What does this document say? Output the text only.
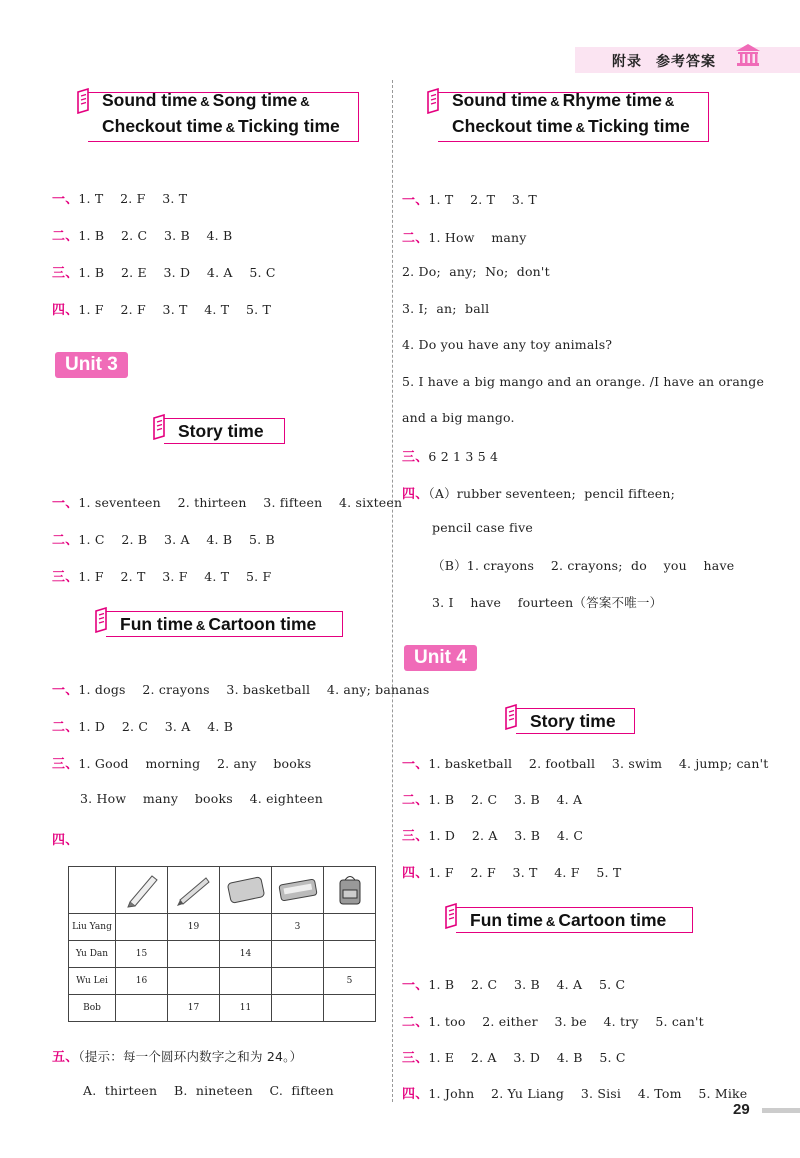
附录 参考答案
Sound time & Song time &
Checkout time & Ticking time
一、1. T    2. F    3. T
二、1. B    2. C    3. B    4. B
三、1. B    2. E    3. D    4. A    5. C
四、1. F    2. F    3. T    4. T    5. T
Unit 3
Story time
一、1. seventeen    2. thirteen    3. fifteen    4. sixteen
二、1. C    2. B    3. A    4. B    5. B
三、1. F    2. T    3. F    4. T    5. F
Fun time & Cartoon time
一、1. dogs    2. crayons    3. basketball    4. any; bananas
二、1. D    2. C    3. A    4. B
三、1. Good    morning    2. any    books
3. How    many    books    4. eighteen
四、

Liu Yang		19		3	
Yu Dan	15		14		
Wu Lei	16				5
Bob		17	11		
五、（提示：每一个圆环内数字之和为 24。）
A.  thirteen    B.  nineteen    C.  fifteen
Sound time & Rhyme time &
Checkout time & Ticking time
一、1. T    2. T    3. T
二、1. How    many
2. Do;  any;  No;  don't
3. I;  an;  ball
4. Do you have any toy animals?
5. I have a big mango and an orange. /I have an orange
and a big mango.
三、6 2 1 3 5 4
四、（A）rubber seventeen;  pencil fifteen;
pencil case five
（B）1. crayons    2. crayons;  do    you    have
3. I    have    fourteen（答案不唯一）
Unit 4
Story time
一、1. basketball    2. football    3. swim    4. jump; can't
二、1. B    2. C    3. B    4. A
三、1. D    2. A    3. B    4. C
四、1. F    2. F    3. T    4. F    5. T
Fun time & Cartoon time
一、1. B    2. C    3. B    4. A    5. C
二、1. too    2. either    3. be    4. try    5. can't
三、1. E    2. A    3. D    4. B    5. C
四、1. John    2. Yu Liang    3. Sisi    4. Tom    5. Mike
29
